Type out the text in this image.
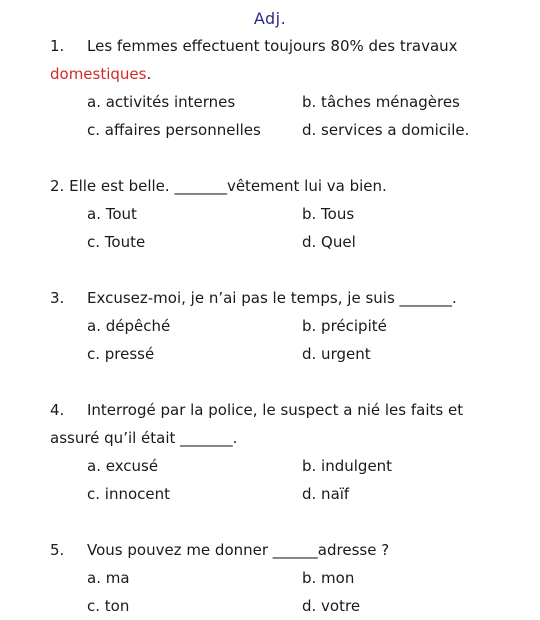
Adj.
1. Les femmes effectuent toujours 80% des travaux
domestiques.
a. activités internes	b. tâches ménagères
c. affaires personnelles	d. services a domicile.
2. Elle est belle. _______vêtement lui va bien.
a. Tout	b. Tous
c. Toute	d. Quel
3. Excusez-moi, je n’ai pas le temps, je suis _______.
a. dépêché	b. précipité
c. pressé	d. urgent
4. Interrogé par la police, le suspect a nié les faits et
assuré qu’il était _______.
a. excusé	b. indulgent
c. innocent	d. naïf
5. Vous pouvez me donner ______adresse ?
a. ma	b. mon
c. ton	d. votre
